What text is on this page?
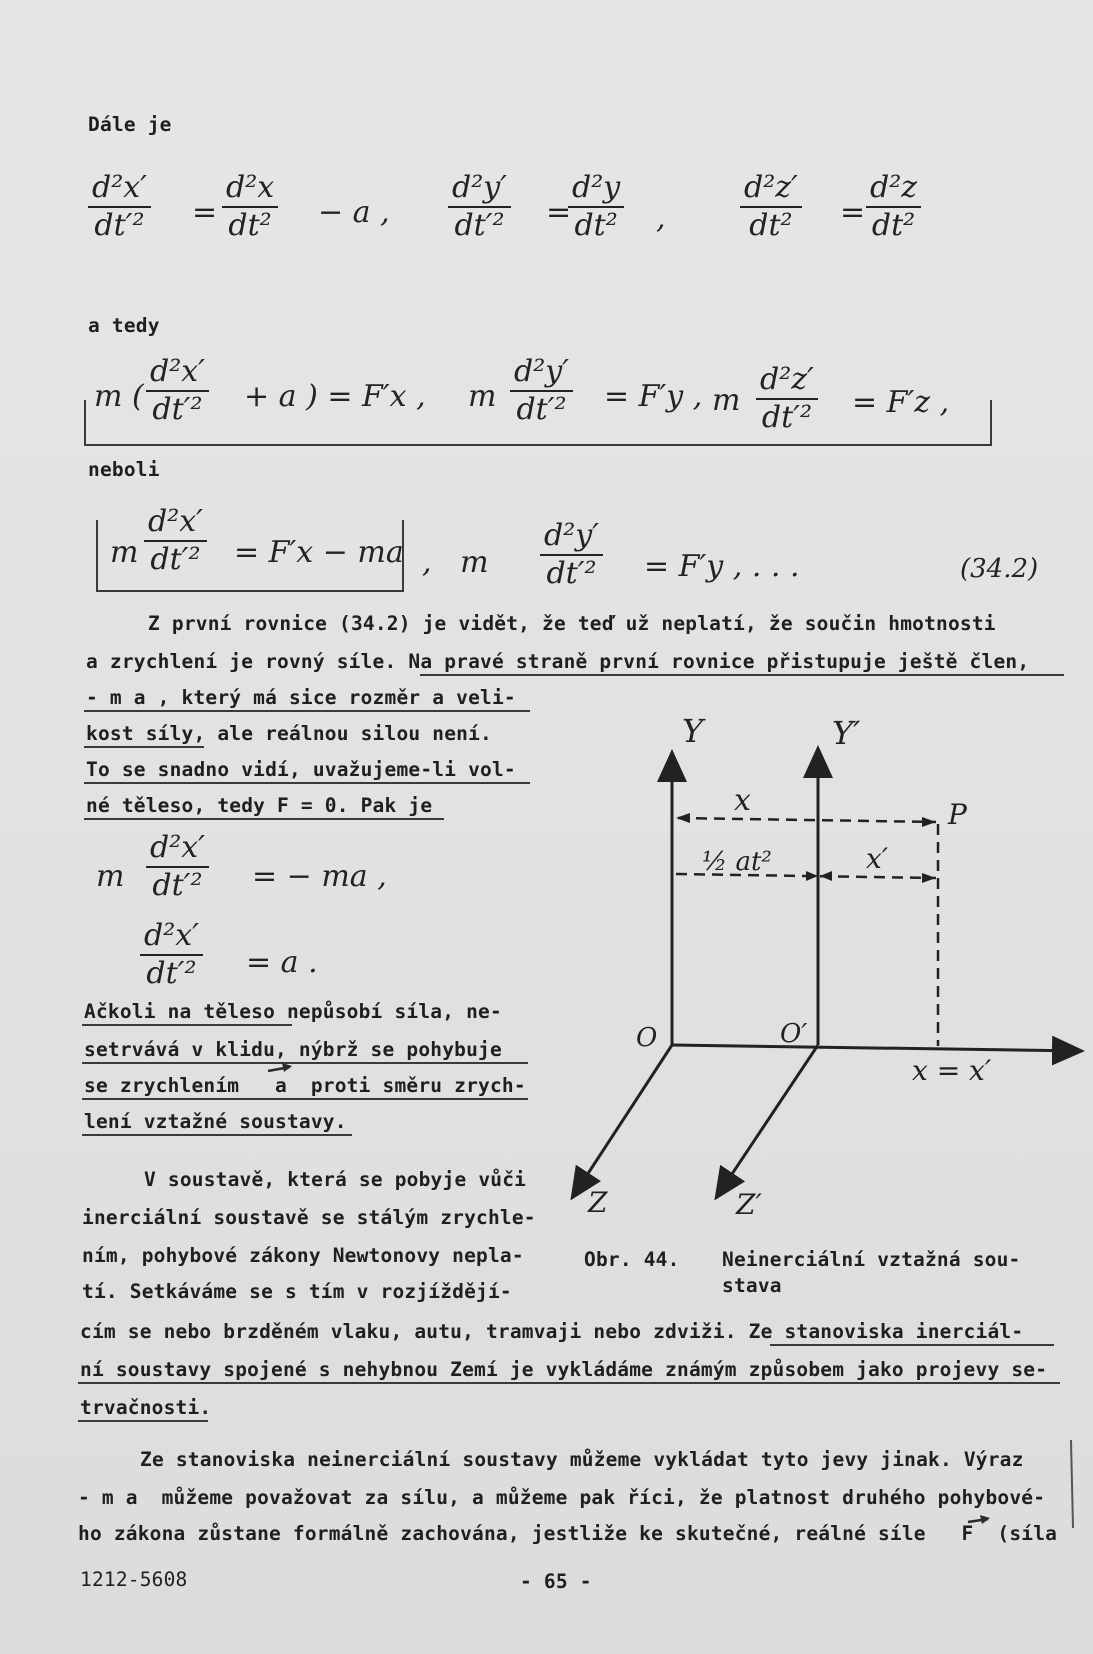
Dále je
$\frac{\text{d²x′}}{\text{dt′²}} = \frac{\text{d²x}}{\text{dt²}} - a$ , $\frac{\text{d²y′}}{\text{dt′²}}$ =
$\frac{\text{d²y}}{\text{dt²}}$ , $\frac{\text{d²z′}}{\text{dt²}} = \frac{\text{d²z}}{\text{dt²}}$
a tedy
m ( $\frac{\text{d²x′}}{\text{dt′²}} + a$ ) = F′x , m $\frac{\text{d²y′}}{\text{dt′²}} = F'y$ , m $\frac{\text{d²z′}}{\text{dt′²}} = F'z$ ,
neboli
m $\frac{\text{d²x′}}{\text{dt′²}} = F'x$ − ma ,   m $\frac{\text{d²y′}}{\text{dt′²}} = F'y$ , . . .	(34.2)
Z první rovnice (34.2) je vidět, že teď už neplatí, že součin hmotnosti
a zrychlení je rovný síle. Na pravé straně první rovnice přistupuje ještě člen,
- m a , který má sice rozměr a veli-
kost síly, ale reálnou silou není.
To se snadno vidí, uvažujeme-li vol-
né těleso, tedy F = 0. Pak je
m $\frac{\text{d²x′}}{\text{dt′²}}$ = − ma ,
$\frac{\text{d²x′}}{\text{dt′²}} = a$ .
Ačkoli na těleso nepůsobí síla, ne-
setrvává v klidu, nýbrž se pohybuje
se zrychlením   a  proti směru zrych-
lení vztažné soustavy.
V soustavě, která se pobyje vůči
inerciální soustavě se stálým zrychle-
ním, pohybové zákony Newtonovy nepla-
tí. Setkáváme se s tím v rozjíždějí-
cím se nebo brzděném vlaku, autu, tramvaji nebo zdviži. Ze stanoviska inerciál-
ní soustavy spojené s nehybnou Zemí je vykládáme známým způsobem jako projevy se-
trvačnosti.
Ze stanoviska neinerciální soustavy můžeme vykládat tyto jevy jinak. Výraz
- m a  můžeme považovat za sílu, a můžeme pak říci, že platnost druhého pohybové-
ho zákona zůstane formálně zachována, jestliže ke skutečné, reálné síle   F  (síla
Y	Y′
x	P
½ at²	x′
O	O′
x = x′
Z	Z′
Obr. 44. Neinerciální vztažná sou-
stava
1212-5608	- 65 -
